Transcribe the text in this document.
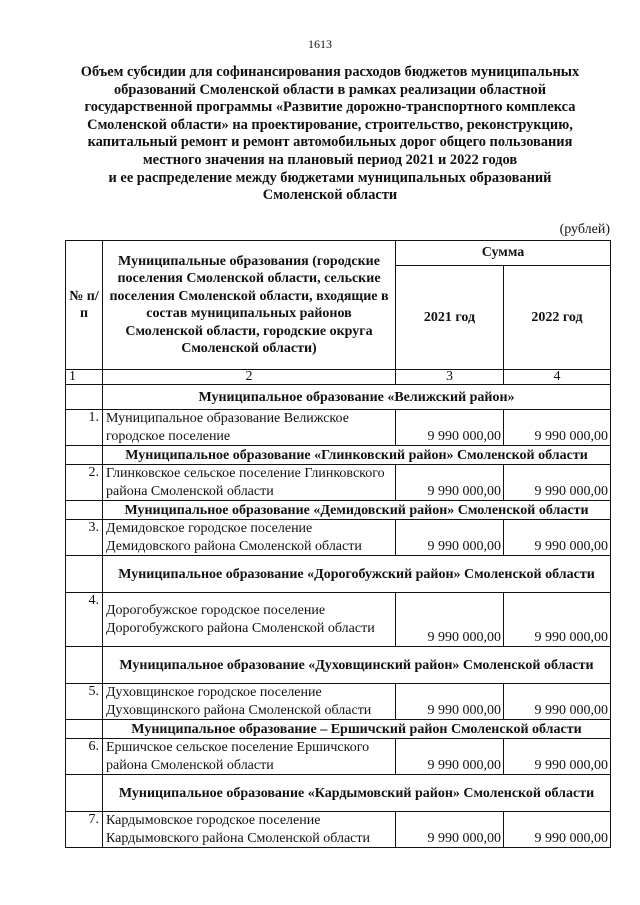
1613
Объем субсидии для софинансирования расходов бюджетов муниципальных
образований Смоленской области в рамках реализации областной
государственной программы «Развитие дорожно-транспортного комплекса
Смоленской области» на проектирование, строительство, реконструкцию,
капитальный ремонт и ремонт автомобильных дорог общего пользования
местного значения на плановый период 2021 и 2022 годов
и ее распределение между бюджетами муниципальных образований
Смоленской области
(рублей)
№ п/п	Муниципальные образования (городские поселения Смоленской области, сельские поселения Смоленской области, входящие в состав муниципальных районов Смоленской области, городские округа Смоленской области)	Сумма	
		2021 год	2022 год
1	2	3	4
	Муниципальное образование «Велижский район»		
1.	Муниципальное образование Велижское городское поселение	9 990 000,00	9 990 000,00
	Муниципальное образование «Глинковский район» Смоленской области		
2.	Глинковское сельское поселение Глинковского района Смоленской области	9 990 000,00	9 990 000,00
	Муниципальное образование «Демидовский район» Смоленской области		
3.	Демидовское городское поселение Демидовского района Смоленской области	9 990 000,00	9 990 000,00
	Муниципальное образование «Дорогобужский район» Смоленской области		
4.	Дорогобужское городское поселение Дорогобужского района Смоленской области	9 990 000,00	9 990 000,00
	Муниципальное образование «Духовщинский район» Смоленской области		
5.	Духовщинское городское поселение Духовщинского района Смоленской области	9 990 000,00	9 990 000,00
	Муниципальное образование – Ершичский район Смоленской области		
6.	Ершичское сельское поселение Ершичского района Смоленской области	9 990 000,00	9 990 000,00
	Муниципальное образование «Кардымовский район» Смоленской области		
7.	Кардымовское городское поселение Кардымовского района Смоленской области	9 990 000,00	9 990 000,00
